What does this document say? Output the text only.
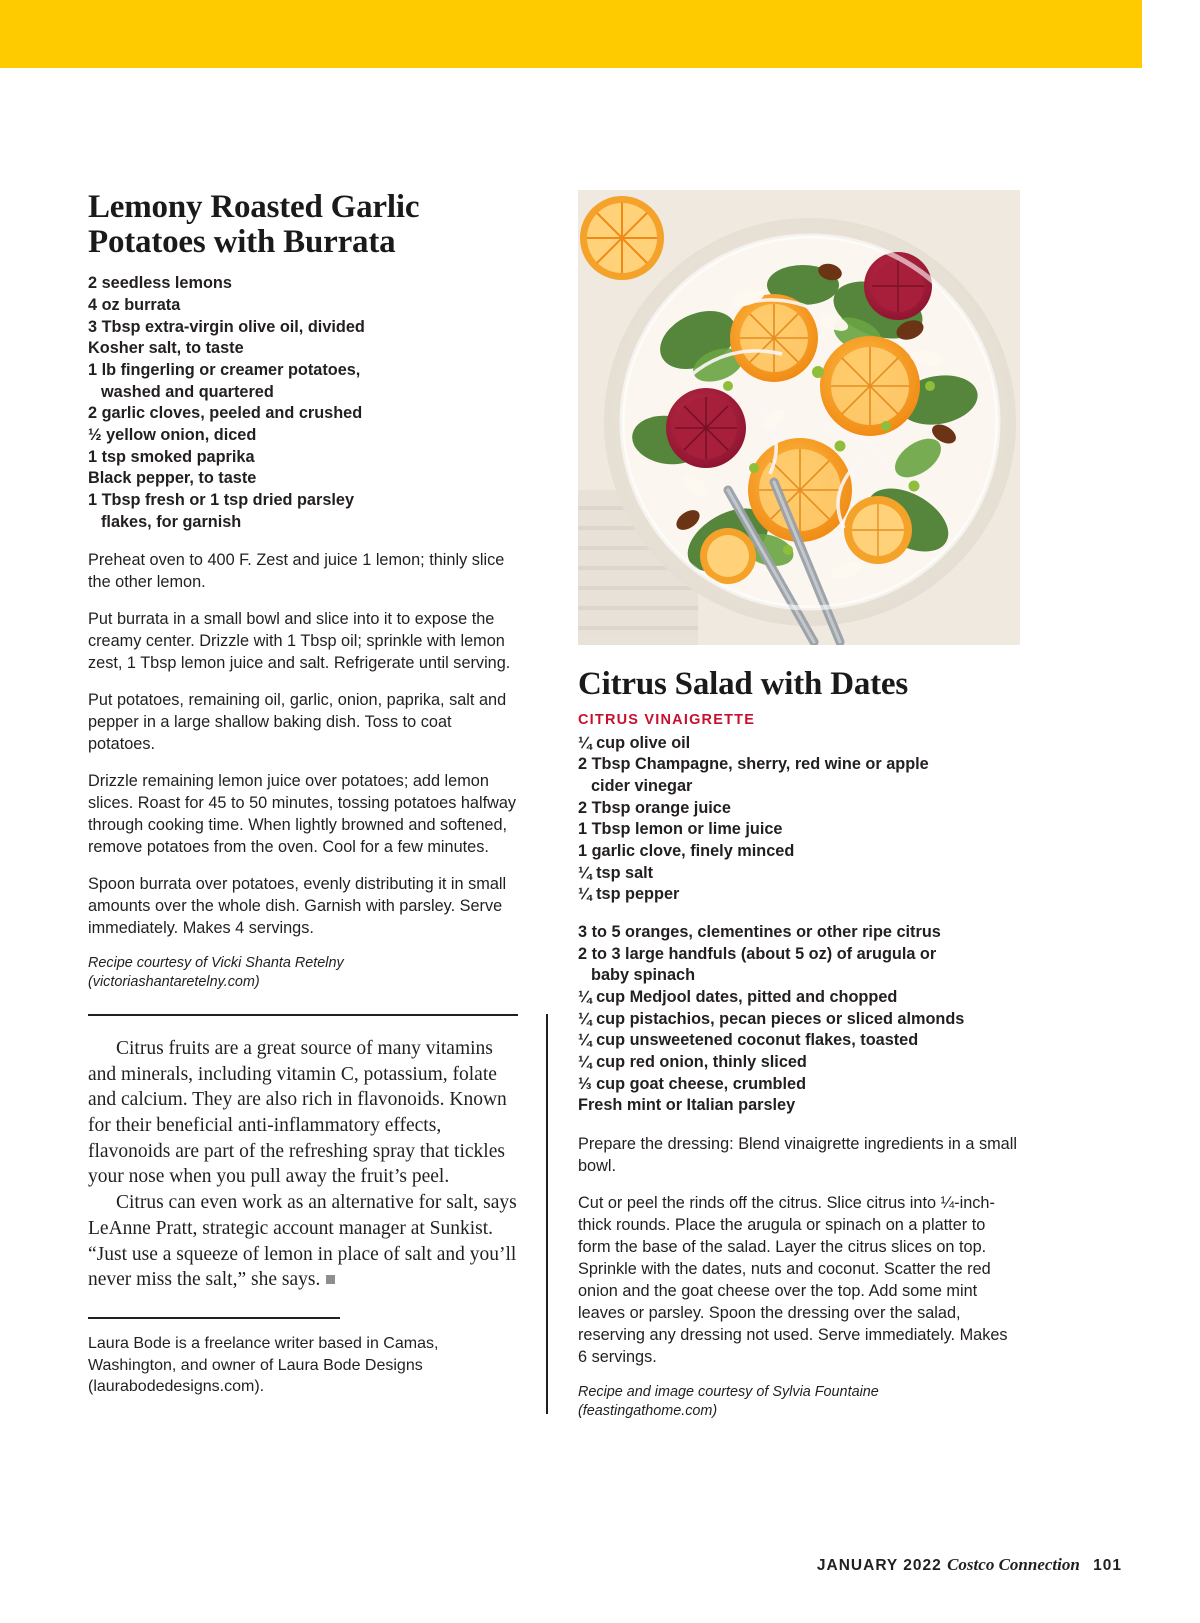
Lemony Roasted Garlic Potatoes with Burrata
2 seedless lemons
4 oz burrata
3 Tbsp extra-virgin olive oil, divided
Kosher salt, to taste
1 lb fingerling or creamer potatoes,
washed and quartered
2 garlic cloves, peeled and crushed
½ yellow onion, diced
1 tsp smoked paprika
Black pepper, to taste
1 Tbsp fresh or 1 tsp dried parsley
flakes, for garnish
Preheat oven to 400 F. Zest and juice 1 lemon; thinly slice the other lemon.
Put burrata in a small bowl and slice into it to expose the creamy center. Drizzle with 1 Tbsp oil; sprinkle with lemon zest, 1 Tbsp lemon juice and salt. Refrigerate until serving.
Put potatoes, remaining oil, garlic, onion, paprika, salt and pepper in a large shallow baking dish. Toss to coat potatoes.
Drizzle remaining lemon juice over potatoes; add lemon slices. Roast for 45 to 50 minutes, tossing potatoes halfway through cooking time. When lightly browned and softened, remove potatoes from the oven. Cool for a few minutes.
Spoon burrata over potatoes, evenly distributing it in small amounts over the whole dish. Garnish with parsley. Serve immediately. Makes 4 servings.
Recipe courtesy of Vicki Shanta Retelny (victoriashantaretelny.com)

Citrus fruits are a great source of many vitamins and minerals, including vitamin C, potassium, folate and calcium. They are also rich in flavonoids. Known for their beneficial anti-inflammatory effects, flavonoids are part of the refreshing spray that tickles your nose when you pull away the fruit’s peel.

Citrus can even work as an alternative for salt, says LeAnne Pratt, strategic account manager at Sunkist. “Just use a squeeze of lemon in place of salt and you’ll never miss the salt,” she says.

Laura Bode is a freelance writer based in Camas, Washington, and owner of Laura Bode Designs (laurabodedesigns.com).
Citrus Salad with Dates
CITRUS VINAIGRETTE
¼ cup olive oil
2 Tbsp Champagne, sherry, red wine or apple
cider vinegar
2 Tbsp orange juice
1 Tbsp lemon or lime juice
1 garlic clove, finely minced
¼ tsp salt
¼ tsp pepper
3 to 5 oranges, clementines or other ripe citrus
2 to 3 large handfuls (about 5 oz) of arugula or
baby spinach
¼ cup Medjool dates, pitted and chopped
¼ cup pistachios, pecan pieces or sliced almonds
¼ cup unsweetened coconut flakes, toasted
¼ cup red onion, thinly sliced
⅓ cup goat cheese, crumbled
Fresh mint or Italian parsley
Prepare the dressing: Blend vinaigrette ingredients in a small bowl.
Cut or peel the rinds off the citrus. Slice citrus into ¼-inch-thick rounds. Place the arugula or spinach on a platter to form the base of the salad. Layer the citrus slices on top. Sprinkle with the dates, nuts and coconut. Scatter the red onion and the goat cheese over the top. Add some mint leaves or parsley. Spoon the dressing over the salad, reserving any dressing not used. Serve immediately. Makes 6 servings.
Recipe and image courtesy of Sylvia Fountaine (feastingathome.com)
JANUARY 2022 Costco Connection 101
